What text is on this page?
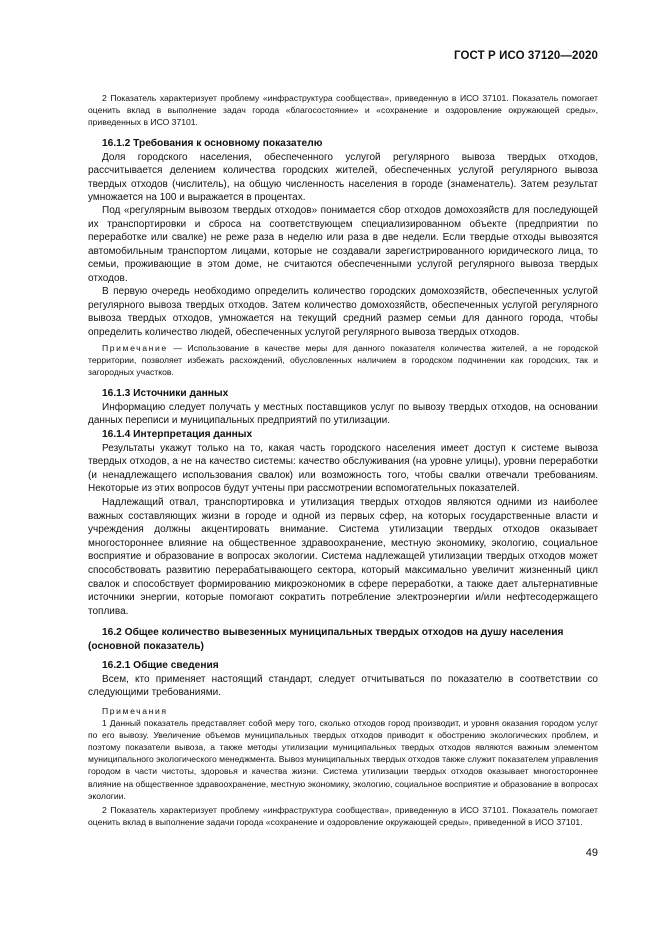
ГОСТ Р ИСО 37120—2020

2 Показатель характеризует проблему «инфраструктура сообщества», приведенную в ИСО 37101. Показатель помогает оценить вклад в выполнение задач города «благосостояние» и «сохранение и оздоровление окружающей среды», приведенных в ИСО 37101.

16.1.2 Требования к основному показателю

Доля городского населения, обеспеченного услугой регулярного вывоза твердых отходов, рассчитывается делением количества городских жителей, обеспеченных услугой регулярного вывоза твердых отходов (числитель), на общую численность населения в городе (знаменатель). Затем результат умножается на 100 и выражается в процентах.

Под «регулярным вывозом твердых отходов» понимается сбор отходов домохозяйств для последующей их транспортировки и сброса на соответствующем специализированном объекте (предприятии по переработке или свалке) не реже раза в неделю или раза в две недели. Если твердые отходы вывозятся автомобильным транспортом лицами, которые не создавали зарегистрированного юридического лица, то семьи, проживающие в этом доме, не считаются обеспеченными услугой регулярного вывоза твердых отходов.

В первую очередь необходимо определить количество городских домохозяйств, обеспеченных услугой регулярного вывоза твердых отходов. Затем количество домохозяйств, обеспеченных услугой регулярного вывоза твердых отходов, умножается на текущий средний размер семьи для данного города, чтобы определить количество людей, обеспеченных услугой регулярного вывоза твердых отходов.

Примечание — Использование в качестве меры для данного показателя количества жителей, а не городской территории, позволяет избежать расхождений, обусловленных наличием в городском подчинении как городских, так и загородных участков.

16.1.3 Источники данных

Информацию следует получать у местных поставщиков услуг по вывозу твердых отходов, на основании данных переписи и муниципальных предприятий по утилизации.

16.1.4 Интерпретация данных

Результаты укажут только на то, какая часть городского населения имеет доступ к системе вывоза твердых отходов, а не на качество системы: качество обслуживания (на уровне улицы), уровни переработки (и ненадлежащего использования свалок) или возможность того, чтобы свалки отвечали требованиям. Некоторые из этих вопросов будут учтены при рассмотрении вспомогательных показателей.

Надлежащий отвал, транспортировка и утилизация твердых отходов являются одними из наиболее важных составляющих жизни в городе и одной из первых сфер, на которых государственные власти и учреждения должны акцентировать внимание. Система утилизации твердых отходов оказывает многостороннее влияние на общественное здравоохранение, местную экономику, экологию, социальное восприятие и образование в вопросах экологии. Система надлежащей утилизации твердых отходов может способствовать развитию перерабатывающего сектора, который максимально увеличит жизненный цикл свалок и способствует формированию микроэкономик в сфере переработки, а также дает альтернативные источники энергии, которые помогают сократить потребление электроэнергии и/или нефтесодержащего топлива.

16.2 Общее количество вывезенных муниципальных твердых отходов на душу населения (основной показатель)

16.2.1 Общие сведения

Всем, кто применяет настоящий стандарт, следует отчитываться по показателю в соответствии со следующими требованиями.

Примечания

1 Данный показатель представляет собой меру того, сколько отходов город производит, и уровня оказания городом услуг по его вывозу. Увеличение объемов муниципальных твердых отходов приводит к обострению экологических проблем, и поэтому показатели вывоза, а также методы утилизации муниципальных твердых отходов являются важным элементом муниципального экологического менеджмента. Вывоз муниципальных твердых отходов также служит показателем управления городом в части чистоты, здоровья и качества жизни. Система утилизации твердых отходов оказывает многостороннее влияние на общественное здравоохранение, местную экономику, экологию, социальное восприятие и образование в вопросах экологии.

2 Показатель характеризует проблему «инфраструктура сообщества», приведенную в ИСО 37101. Показатель помогает оценить вклад в выполнение задачи города «сохранение и оздоровление окружающей среды», приведенной в ИСО 37101.

49
